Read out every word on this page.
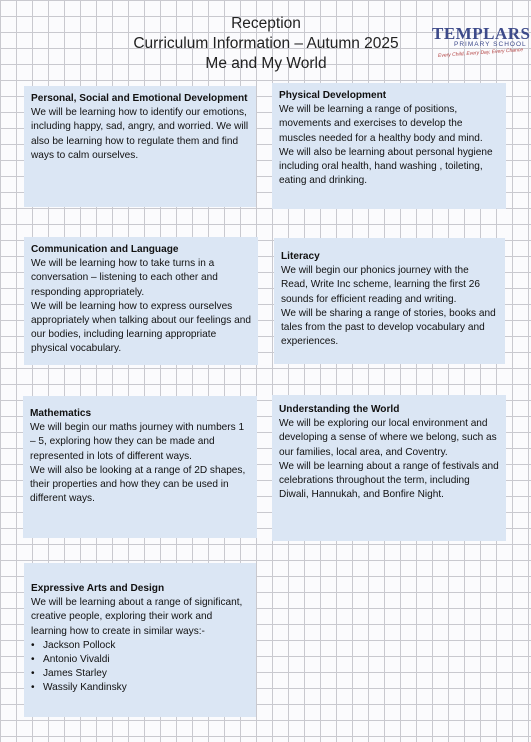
Reception
Curriculum Information – Autumn 2025
Me and My World
TEMPLARS
PRIMARY SCHOOL
Every Child, Every Day, Every Chance
Personal, Social and Emotional Development

We will be learning how to identify our emotions, including happy, sad, angry, and worried. We will also be learning how to regulate them and find ways to calm ourselves.

Physical Development

We will be learning a range of positions, movements and exercises to develop the muscles needed for a healthy body and mind.

We will also be learning about personal hygiene including oral health, hand washing , toileting, eating and drinking.

Communication and Language

We will be learning how to take turns in a conversation – listening to each other and responding appropriately.

We will be learning how to express ourselves appropriately when talking about our feelings and our bodies, including learning appropriate physical vocabulary.

Literacy

We will begin our phonics journey with the Read, Write Inc scheme, learning the first 26 sounds for efficient reading and writing.

We will be sharing a range of stories, books and tales from the past to develop vocabulary and experiences.

Mathematics

We will begin our maths journey with numbers 1 – 5, exploring how they can be made and represented in lots of different ways.

We will also be looking at a range of 2D shapes, their properties and how they can be used in different ways.

Understanding the World

We will be exploring our local environment and developing a sense of where we belong, such as our families, local area, and Coventry.

We will be learning about a range of festivals and celebrations throughout the term, including Diwali, Hannukah, and Bonfire Night.

Expressive Arts and Design

We will be learning about a range of significant, creative people, exploring their work and learning how to create in similar ways:-

• Jackson Pollock
• Antonio Vivaldi
• James Starley
• Wassily Kandinsky
